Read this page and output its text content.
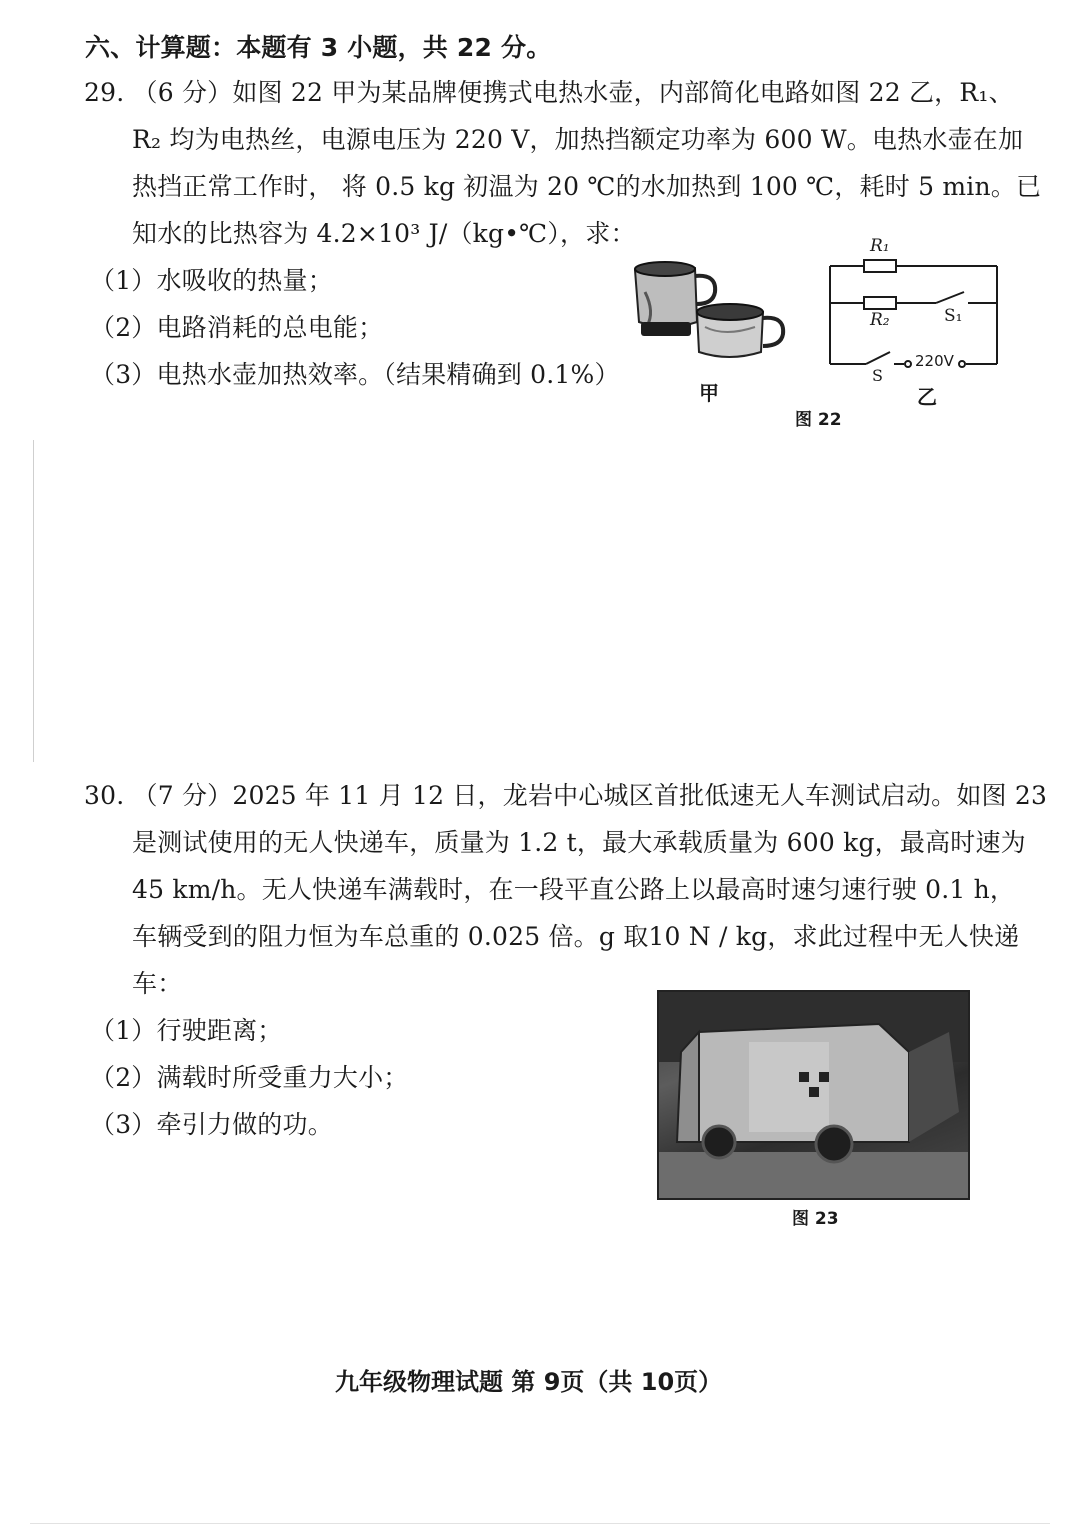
六、计算题：本题有 3 小题，共 22 分。
29. （6 分）如图 22 甲为某品牌便携式电热水壶，内部简化电路如图 22 乙，R₁、
R₂ 均为电热丝，电源电压为 220 V，加热挡额定功率为 600 W。电热水壶在加
热挡正常工作时， 将 0.5 kg 初温为 20 ℃的水加热到 100 ℃，耗时 5 min。已
知水的比热容为 4.2×10³ J/（kg•℃），求：
（1）水吸收的热量；
（2）电路消耗的总电能；
（3）电热水壶加热效率。（结果精确到 0.1%）
甲
R₁
R₂	S₁
S
220V
乙
图 22
30. （7 分）2025 年 11 月 12 日，龙岩中心城区首批低速无人车测试启动。如图 23
是测试使用的无人快递车，质量为 1.2 t，最大承载质量为 600 kg，最高时速为
45 km/h。无人快递车满载时，在一段平直公路上以最高时速匀速行驶 0.1 h，
车辆受到的阻力恒为车总重的 0.025 倍。g 取10 N / kg，求此过程中无人快递
车：
（1）行驶距离；
（2）满载时所受重力大小；
（3）牵引力做的功。
图 23
九年级物理试题 第 9页（共 10页）
